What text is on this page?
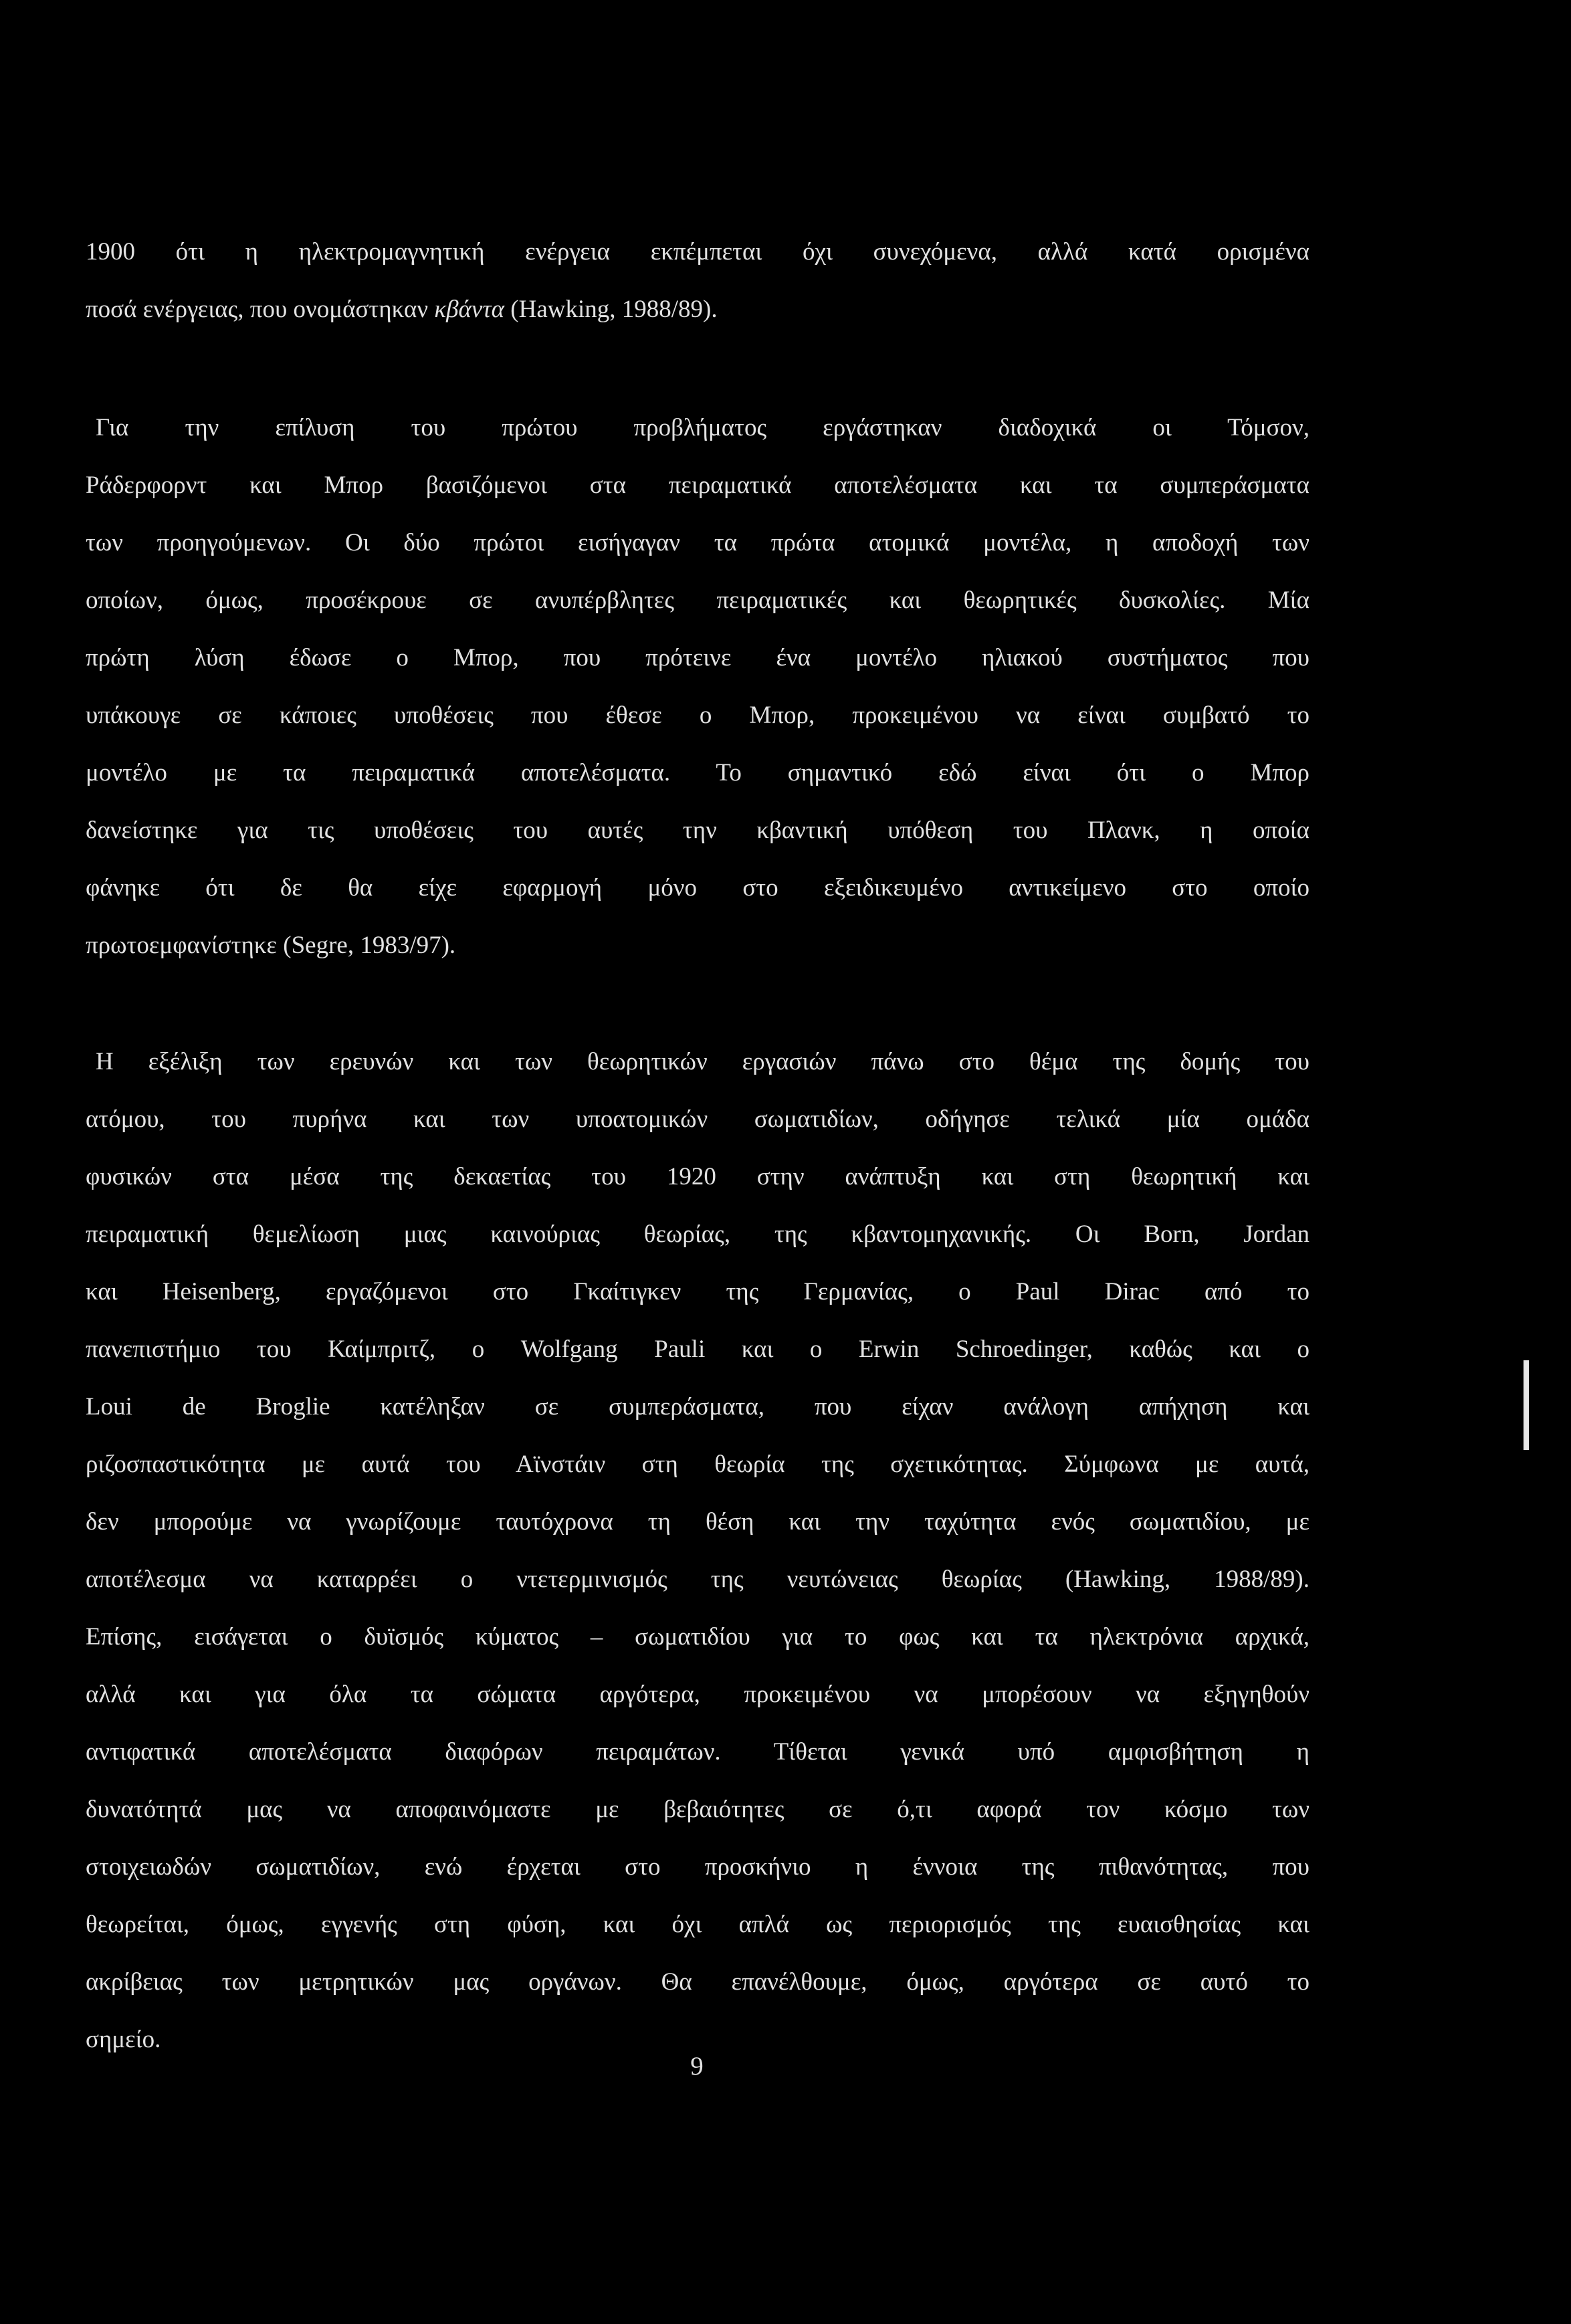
1900 ότι η ηλεκτρομαγνητική ενέργεια εκπέμπεται όχι συνεχόμενα, αλλά κατά ορισμένα
ποσά ενέργειας, που ονομάστηκαν κβάντα (Hawking, 1988/89).
Για την επίλυση του πρώτου προβλήματος εργάστηκαν διαδοχικά οι Τόμσον,
Ράδερφορντ και Μπορ βασιζόμενοι στα πειραματικά αποτελέσματα και τα συμπεράσματα
των προηγούμενων. Οι δύο πρώτοι εισήγαγαν τα πρώτα ατομικά μοντέλα, η αποδοχή των
οποίων, όμως, προσέκρουε σε ανυπέρβλητες πειραματικές και θεωρητικές δυσκολίες. Μία
πρώτη λύση έδωσε ο Μπορ, που πρότεινε ένα μοντέλο ηλιακού συστήματος που
υπάκουγε σε κάποιες υποθέσεις που έθεσε ο Μπορ, προκειμένου να είναι συμβατό το
μοντέλο με τα πειραματικά αποτελέσματα. Το σημαντικό εδώ είναι ότι ο Μπορ
δανείστηκε για τις υποθέσεις του αυτές την κβαντική υπόθεση του Πλανκ, η οποία
φάνηκε ότι δε θα είχε εφαρμογή μόνο στο εξειδικευμένο αντικείμενο στο οποίο
πρωτοεμφανίστηκε (Segre, 1983/97).
Η εξέλιξη των ερευνών και των θεωρητικών εργασιών πάνω στο θέμα της δομής του
ατόμου, του πυρήνα και των υποατομικών σωματιδίων, οδήγησε τελικά μία ομάδα
φυσικών στα μέσα της δεκαετίας του 1920 στην ανάπτυξη και στη θεωρητική και
πειραματική θεμελίωση μιας καινούριας θεωρίας, της κβαντομηχανικής. Οι Born, Jordan
και Heisenberg, εργαζόμενοι στο Γκαίτιγκεν της Γερμανίας, ο Paul Dirac από το
πανεπιστήμιο του Καίμπριτζ, ο Wolfgang Pauli και ο Erwin Schroedinger, καθώς και ο
Loui de Broglie κατέληξαν σε συμπεράσματα, που είχαν ανάλογη απήχηση και
ριζοσπαστικότητα με αυτά του Αϊνστάιν στη θεωρία της σχετικότητας. Σύμφωνα με αυτά,
δεν μπορούμε να γνωρίζουμε ταυτόχρονα τη θέση και την ταχύτητα ενός σωματιδίου, με
αποτέλεσμα να καταρρέει ο ντετερμινισμός της νευτώνειας θεωρίας (Hawking, 1988/89).
Επίσης, εισάγεται ο δυϊσμός κύματος – σωματιδίου για το φως και τα ηλεκτρόνια αρχικά,
αλλά και για όλα τα σώματα αργότερα, προκειμένου να μπορέσουν να εξηγηθούν
αντιφατικά αποτελέσματα διαφόρων πειραμάτων. Τίθεται γενικά υπό αμφισβήτηση η
δυνατότητά μας να αποφαινόμαστε με βεβαιότητες σε ό,τι αφορά τον κόσμο των
στοιχειωδών σωματιδίων, ενώ έρχεται στο προσκήνιο η έννοια της πιθανότητας, που
θεωρείται, όμως, εγγενής στη φύση, και όχι απλά ως περιορισμός της ευαισθησίας και
ακρίβειας των μετρητικών μας οργάνων. Θα επανέλθουμε, όμως, αργότερα σε αυτό το
σημείο.
9
